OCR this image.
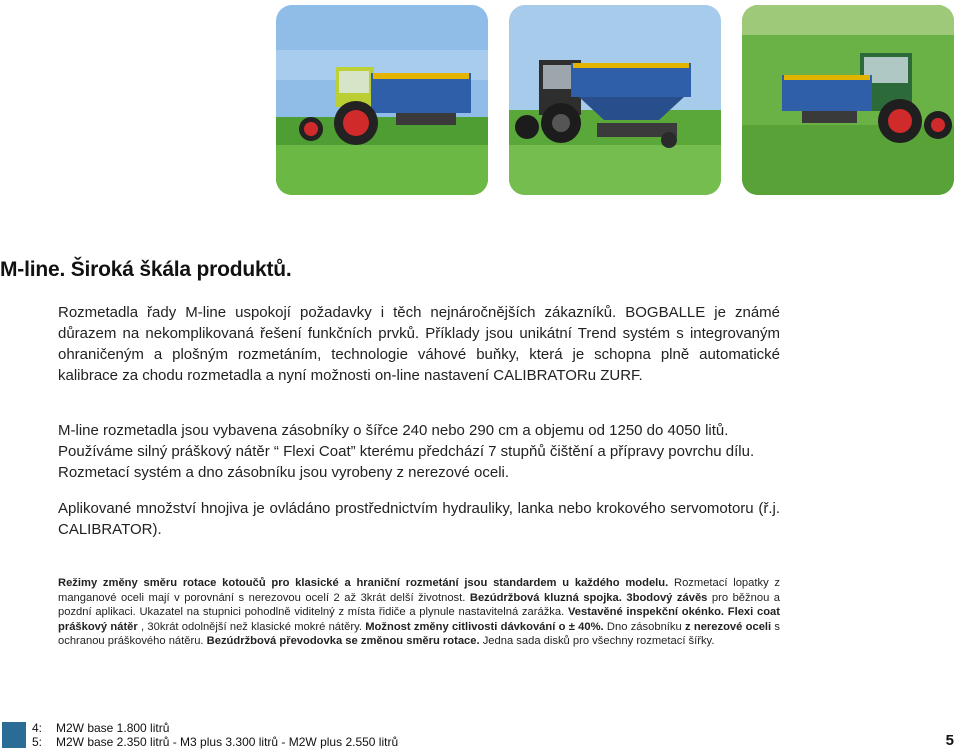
M-line. Široká škála produktů.

Rozmetadla řady M-line uspokojí požadavky i těch nejnáročnějších zákazníků. BOGBALLE je známé důrazem na nekomplikovaná řešení funkčních prvků. Příklady jsou unikátní Trend systém s integrovaným ohraničeným a plošným rozmetáním, technologie váhové buňky, která je schopna plně automatické kalibrace za chodu rozmetadla a nyní možnosti on-line nastavení CALIBRATORu ZURF.

M-line rozmetadla jsou vybavena zásobníky o šířce 240 nebo 290 cm a objemu od 1250 do 4050 litů. Používáme silný práškový nátěr “ Flexi Coat” kterému předchází 7 stupňů čištění a přípravy povrchu dílu. Rozmetací systém a dno zásobníku jsou vyrobeny z nerezové oceli.

Aplikované množství hnojiva je ovládáno prostřednictvím hydrauliky, lanka nebo krokového servomotoru (ř.j. CALIBRATOR).

Režimy změny směru rotace kotoučů pro klasické a hraniční rozmetání jsou standardem u každého modelu. Rozmetací lopatky z manganové oceli mají v porovnání s nerezovou ocelí 2 až 3krát delší životnost. Bezúdržbová kluzná spojka. 3bodový závěs pro běžnou a pozdní aplikaci. Ukazatel na stupnici pohodlně viditelný z místa řidiče a plynule nastavitelná zarážka. Vestavěné inspekční okénko. Flexi coat práškový nátěr , 30krát odolnější než klasické mokré nátěry. Možnost změny citlivosti dávkování o ± 40%. Dno zásobníku z nerezové oceli s ochranou práškového nátěru. Bezúdržbová převodovka se změnou směru rotace. Jedna sada disků pro všechny rozmetací šířky.

4: M2W base 1.800 litrů
5: M2W base 2.350 litrů - M3 plus 3.300 litrů - M2W plus 2.550 litrů	5
